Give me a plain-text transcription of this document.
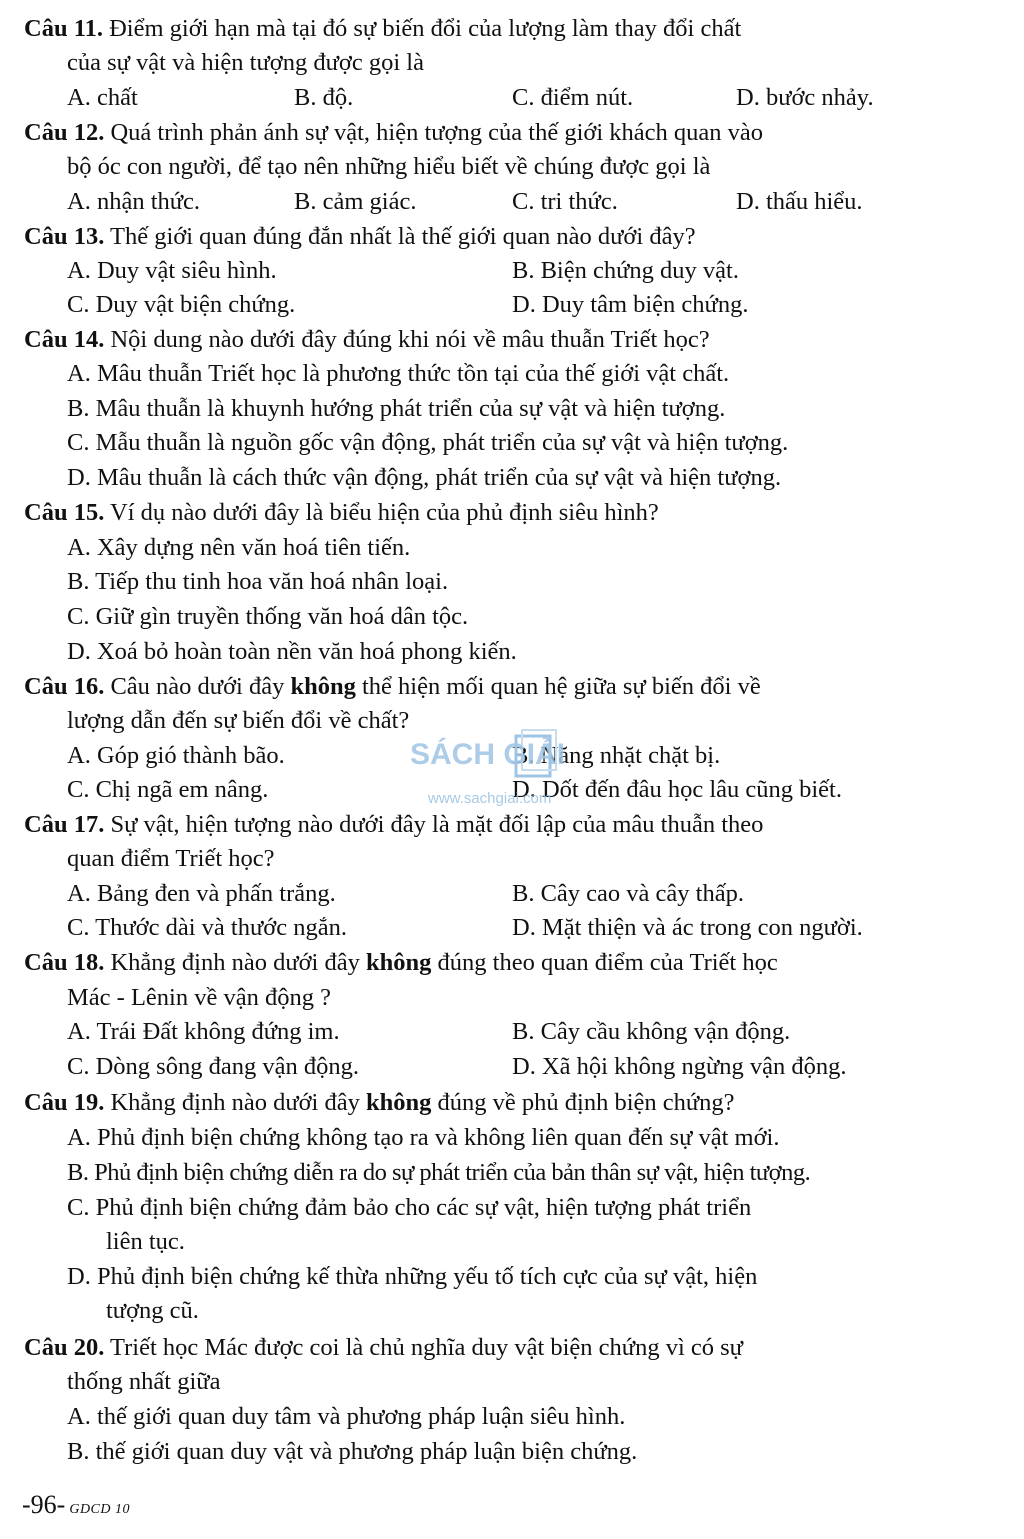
Câu 11. Điểm giới hạn mà tại đó sự biến đổi của lượng làm thay đổi chất
của sự vật và hiện tượng được gọi là
A. chất	B. độ.	C. điểm nút.	D. bước nhảy.
Câu 12. Quá trình phản ánh sự vật, hiện tượng của thế giới khách quan vào
bộ óc con người, để tạo nên những hiểu biết về chúng được gọi là
A. nhận thức.	B. cảm giác.	C. tri thức.	D. thấu hiểu.
Câu 13. Thế giới quan đúng đắn nhất là thế giới quan nào dưới đây?
A. Duy vật siêu hình.	B. Biện chứng duy vật.
C. Duy vật biện chứng.	D. Duy tâm biện chứng.
Câu 14. Nội dung nào dưới đây đúng khi nói về mâu thuẫn Triết học?
A. Mâu thuẫn Triết học là phương thức tồn tại của thế giới vật chất.
B. Mâu thuẫn là khuynh hướng phát triển của sự vật và hiện tượng.
C. Mẫu thuẫn là nguồn gốc vận động, phát triển của sự vật và hiện tượng.
D. Mâu thuẫn là cách thức vận động, phát triển của sự vật và hiện tượng.
Câu 15. Ví dụ nào dưới đây là biểu hiện của phủ định siêu hình?
A. Xây dựng nên văn hoá tiên tiến.
B. Tiếp thu tinh hoa văn hoá nhân loại.
C. Giữ gìn truyền thống văn hoá dân tộc.
D. Xoá bỏ hoàn toàn nền văn hoá phong kiến.
Câu 16. Câu nào dưới đây không thể hiện mối quan hệ giữa sự biến đổi về
lượng dẫn đến sự biến đổi về chất?
A. Góp gió thành bão.	B. Năng nhặt chặt bị.
C. Chị ngã em nâng.	D. Dốt đến đâu học lâu cũng biết.
Câu 17. Sự vật, hiện tượng nào dưới đây là mặt đối lập của mâu thuẫn theo
quan điểm Triết học?
A. Bảng đen và phấn trắng.	B. Cây cao và cây thấp.
C. Thước dài và thước ngắn.	D. Mặt thiện và ác trong con người.
Câu 18. Khẳng định nào dưới đây không đúng theo quan điểm của Triết học
Mác - Lênin về vận động ?
A. Trái Đất không đứng im.	B. Cây cầu không vận động.
C. Dòng sông đang vận động.	D. Xã hội không ngừng vận động.
Câu 19. Khẳng định nào dưới đây không đúng về phủ định biện chứng?
A. Phủ định biện chứng không tạo ra và không liên quan đến sự vật mới.
B. Phủ định biện chứng diễn ra do sự phát triển của bản thân sự vật, hiện tượng.
C. Phủ định biện chứng đảm bảo cho các sự vật, hiện tượng phát triển
liên tục.
D. Phủ định biện chứng kế thừa những yếu tố tích cực của sự vật, hiện
tượng cũ.
Câu 20. Triết học Mác được coi là chủ nghĩa duy vật biện chứng vì có sự
thống nhất giữa
A. thế giới quan duy tâm và phương pháp luận siêu hình.
B. thế giới quan duy vật và phương pháp luận biện chứng.
SÁCH GIẢI
www.sachgiai.com
-96- GDCD 10
